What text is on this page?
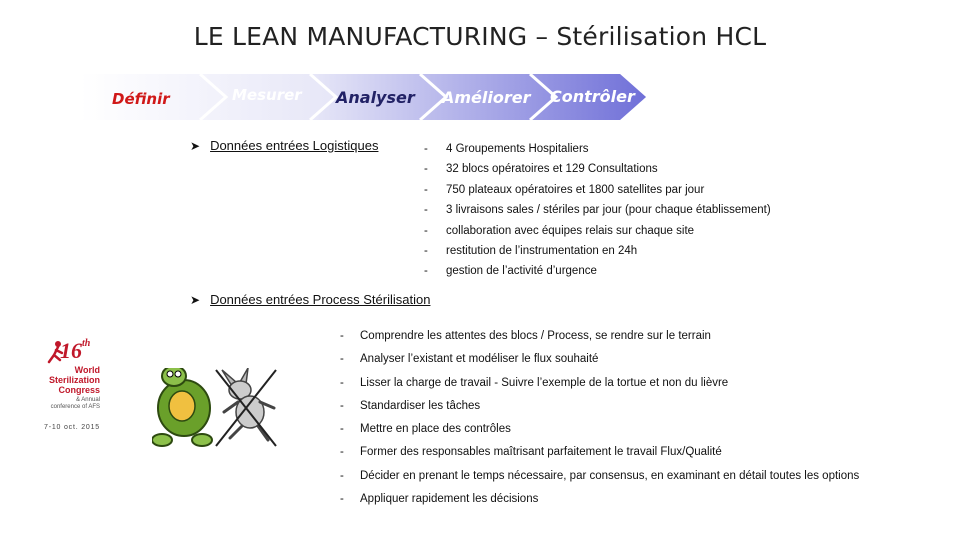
LE LEAN MANUFACTURING – Stérilisation HCL
Définir	Mesurer Analyser Améliorer Contrôler
➤ Données entrées Logistiques	- 4 Groupements Hospitaliers
- 32 blocs opératoires et 129 Consultations
- 750 plateaux opératoires et 1800 satellites par jour
- 3 livraisons sales / stériles par jour (pour chaque établissement)
- collaboration avec équipes relais sur chaque site
- restitution de l’instrumentation en 24h
- gestion de l’activité d’urgence
➤ Données entrées Process Stérilisation
- Comprendre les attentes des blocs / Process, se rendre sur le terrain
- Analyser l’existant et modéliser le flux souhaité
- Lisser la charge de travail - Suivre l’exemple de la tortue et non du lièvre
- Standardiser les tâches
- Mettre en place des contrôles
- Former des responsables maîtrisant parfaitement le travail Flux/Qualité
- Décider en prenant le temps nécessaire, par consensus, en examinant en détail toutes les options
- Appliquer rapidement les décisions
16th
World
Sterilization
Congress
& Annual
conference of AFS
7-10 oct. 2015
